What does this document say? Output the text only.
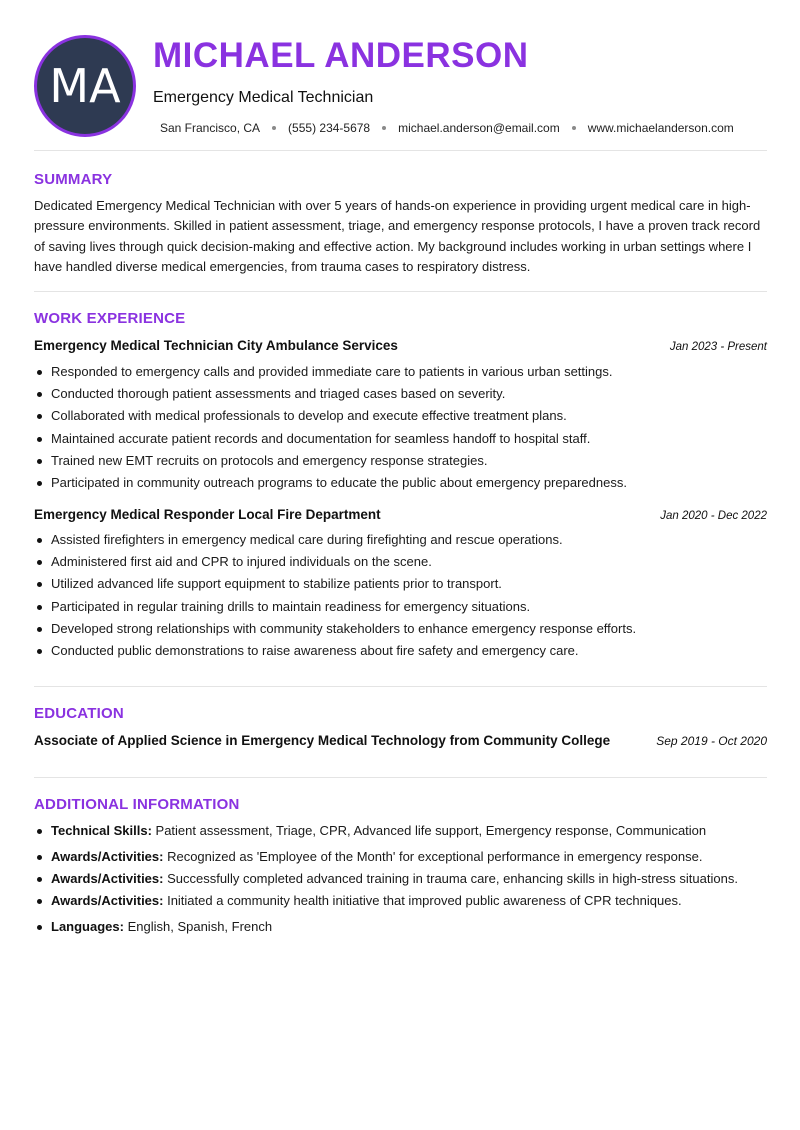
MA
MICHAEL ANDERSON
Emergency Medical Technician
San Francisco, CA (555) 234-5678 michael.anderson@email.com www.michaelanderson.com
SUMMARY
Dedicated Emergency Medical Technician with over 5 years of hands-on experience in providing urgent medical care in high-pressure environments. Skilled in patient assessment, triage, and emergency response protocols, I have a proven track record of saving lives through quick decision-making and effective action. My background includes working in urban settings where I have handled diverse medical emergencies, from trauma cases to respiratory distress.
WORK EXPERIENCE
Emergency Medical Technician City Ambulance Services	Jan 2023 - Present
Responded to emergency calls and provided immediate care to patients in various urban settings.
Conducted thorough patient assessments and triaged cases based on severity.
Collaborated with medical professionals to develop and execute effective treatment plans.
Maintained accurate patient records and documentation for seamless handoff to hospital staff.
Trained new EMT recruits on protocols and emergency response strategies.
Participated in community outreach programs to educate the public about emergency preparedness.
Emergency Medical Responder Local Fire Department	Jan 2020 - Dec 2022
Assisted firefighters in emergency medical care during firefighting and rescue operations.
Administered first aid and CPR to injured individuals on the scene.
Utilized advanced life support equipment to stabilize patients prior to transport.
Participated in regular training drills to maintain readiness for emergency situations.
Developed strong relationships with community stakeholders to enhance emergency response efforts.
Conducted public demonstrations to raise awareness about fire safety and emergency care.
EDUCATION
Associate of Applied Science in Emergency Medical Technology from Community College	Sep 2019 - Oct 2020
ADDITIONAL INFORMATION
Technical Skills: Patient assessment, Triage, CPR, Advanced life support, Emergency response, Communication
Awards/Activities: Recognized as 'Employee of the Month' for exceptional performance in emergency response.
Awards/Activities: Successfully completed advanced training in trauma care, enhancing skills in high-stress situations.
Awards/Activities: Initiated a community health initiative that improved public awareness of CPR techniques.
Languages: English, Spanish, French
